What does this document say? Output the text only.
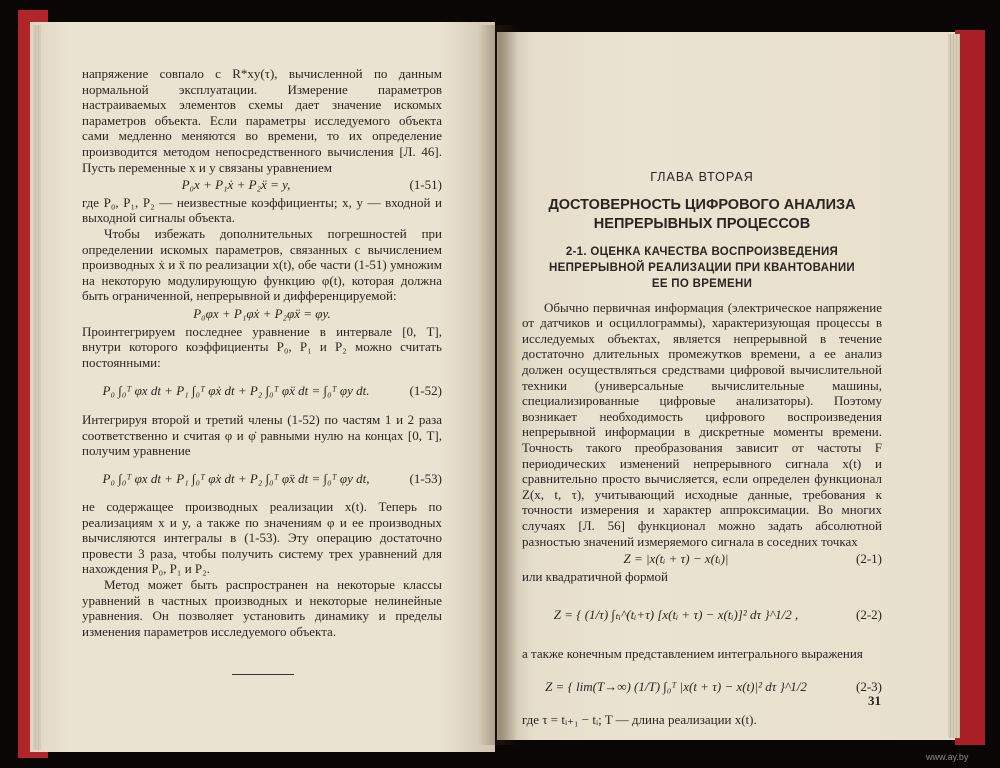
напряжение совпало с R*xy(τ), вычисленной по данным нормальной эксплуатации. Измерение параметров настраиваемых элементов схемы дает значение искомых параметров объекта. Если параметры исследуемого объекта сами медленно меняются во времени, то их определение производится методом непосредственного вычисления [Л. 46]. Пусть переменные x и y связаны уравнением

P₀x + P₁ẋ + P₂ẍ = y,	(1-51)

где P₀, P₁, P₂ — неизвестные коэффициенты; x, y — входной и выходной сигналы объекта.

Чтобы избежать дополнительных погрешностей при определении искомых параметров, связанных с вычислением производных ẋ и ẍ по реализации x(t), обе части (1-51) умножим на некоторую модулирующую функцию φ(t), которая должна быть ограниченной, непрерывной и дифференцируемой:

P₀φx + P₁φẋ + P₂φẍ = φy.

Проинтегрируем последнее уравнение в интервале [0, T], внутри которого коэффициенты P₀, P₁ и P₂ можно считать постоянными:

P₀ ∫₀ᵀ φx dt + P₁ ∫₀ᵀ φẋ dt + P₂ ∫₀ᵀ φẍ dt = ∫₀ᵀ φy dt.	(1-52)

Интегрируя второй и третий члены (1-52) по частям 1 и 2 раза соответственно и считая φ и φ̇ равными нулю на концах [0, T], получим уравнение

P₀ ∫₀ᵀ φx dt + P₁ ∫₀ᵀ φ̇x dt + P₂ ∫₀ᵀ φ̈x dt = ∫₀ᵀ φy dt,	(1-53)

не содержащее производных реализации x(t). Теперь по реализациям x и y, а также по значениям φ и ее производных вычисляются интегралы в (1-53). Эту операцию достаточно провести 3 раза, чтобы получить систему трех уравнений для нахождения P₀, P₁ и P₂.

Метод может быть распространен на некоторые классы уравнений в частных производных и некоторые нелинейные уравнения. Он позволяет установить динамику и пределы изменения параметров исследуемого объекта.

ГЛАВА ВТОРАЯ
ДОСТОВЕРНОСТЬ ЦИФРОВОГО АНАЛИЗА
НЕПРЕРЫВНЫХ ПРОЦЕССОВ
2-1. ОЦЕНКА КАЧЕСТВА ВОСПРОИЗВЕДЕНИЯ
НЕПРЕРЫВНОЙ РЕАЛИЗАЦИИ ПРИ КВАНТОВАНИИ
ЕЕ ПО ВРЕМЕНИ

Обычно первичная информация (электрическое напряжение от датчиков и осциллограммы), характеризующая процессы в исследуемых объектах, является непрерывной в течение достаточно длительных промежутков времени, а ее анализ должен осуществляться средствами цифровой вычислительной техники (универсальные вычислительные машины, специализированные цифровые анализаторы). Поэтому возникает необходимость цифрового воспроизведения непрерывной информации в дискретные моменты времени. Точность такого преобразования зависит от частоты F периодических изменений непрерывного сигнала x(t) и сравнительно просто вычисляется, если определен функционал Z(x, t, τ), учитывающий исходные данные, требования к точности измерения и характер аппроксимации. Во многих случаях [Л. 56] функционал можно задать абсолютной разностью значений измеряемого сигнала в соседних точках

Z = |x(tᵢ + τ) − x(tᵢ)|	(2-1)

или квадратичной формой

Z = { (1/τ) ∫ₜᵢ^(tᵢ+τ) [x(tᵢ + τ) − x(tᵢ)]² dτ }^1/2 ,	(2-2)

а также конечным представлением интегрального выражения

Z = { lim(T→∞) (1/T) ∫₀ᵀ |x(t + τ) − x(t)|² dτ }^1/2	(2-3)

где τ = tᵢ₊₁ − tᵢ; T — длина реализации x(t).

31
www.ay.by
